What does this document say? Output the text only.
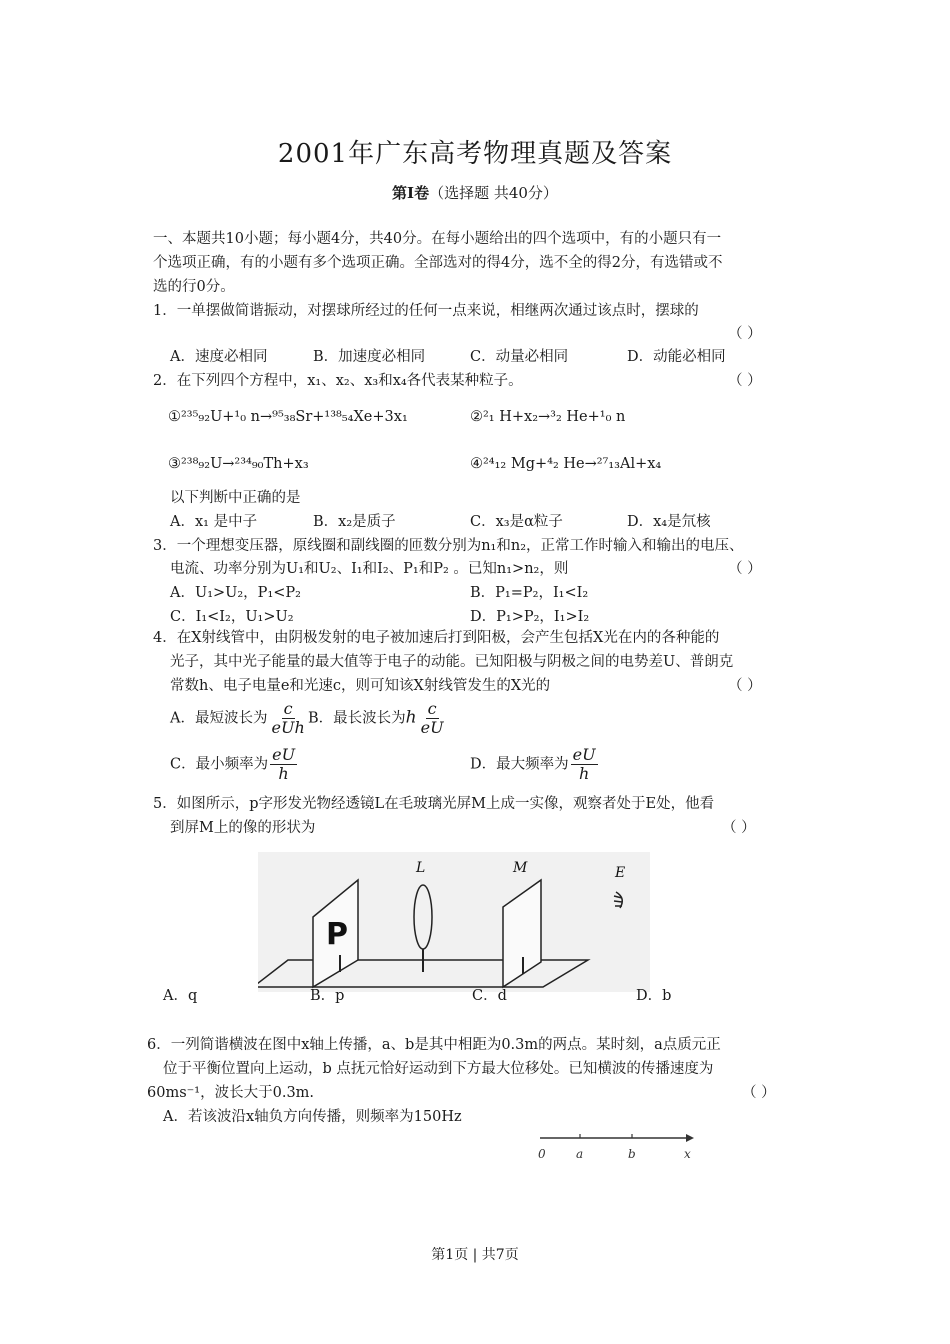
2001年广东高考物理真题及答案
第Ⅰ卷（选择题 共40分）
一、本题共10小题；每小题4分，共40分。在每小题给出的四个选项中，有的小题只有一
个选项正确，有的小题有多个选项正确。全部选对的得4分，选不全的得2分，有选错或不
选的行0分。
1．一单摆做简谐振动，对摆球所经过的任何一点来说，相继两次通过该点时，摆球的
（ ）
A．速度必相同	B．加速度必相同	C．动量必相同	D．动能必相同
2．在下列四个方程中，x₁、x₂、x₃和x₄各代表某种粒子。	（ ）
①²³⁵₉₂U+¹₀ n→⁹⁵₃₈Sr+¹³⁸₅₄Xe+3x₁	②²₁ H+x₂→³₂ He+¹₀ n
③²³⁸₉₂U→²³⁴₉₀Th+x₃	④²⁴₁₂ Mg+⁴₂ He→²⁷₁₃Al+x₄
以下判断中正确的是
A．x₁ 是中子	B．x₂是质子	C．x₃是α粒子	D．x₄是氘核
3．一个理想变压器，原线圈和副线圈的匝数分别为n₁和n₂，正常工作时输入和输出的电压、
电流、功率分别为U₁和U₂、I₁和I₂、P₁和P₂ 。已知n₁>n₂，则	（ ）
A．U₁>U₂，P₁<P₂	B．P₁=P₂，I₁<I₂
C．I₁<I₂，U₁>U₂	D．P₁>P₂，I₁>I₂
4．在X射线管中，由阴极发射的电子被加速后打到阳极，会产生包括X光在内的各种能的
光子，其中光子能量的最大值等于电子的动能。已知阳极与阴极之间的电势差U、普朗克
常数h、电子电量e和光速c，则可知该X射线管发生的X光的	（ ）
A．最短波长为 $\frac{c}{\text{eUh}}$ B．最长波长为h $\frac{c}{eU}$
C．最小频率为 $\frac{eU}{h}$	D．最大频率为 $\frac{eU}{h}$
5．如图所示，p字形发光物经透镜L在毛玻璃光屏M上成一实像，观察者处于E处，他看
到屏M上的像的形状为	（ ）
P
L	M	E
A．q	B．p	C．d	D．b
6．一列简谐横波在图中x轴上传播，a、b是其中相距为0.3m的两点。某时刻，a点质元正
位于平衡位置向上运动，b 点抚元恰好运动到下方最大位移处。已知横波的传播速度为
60ms⁻¹，波长大于0.3m.	（ ）
A．若该波沿x轴负方向传播，则频率为150Hz
0	a	b	x
第1页 | 共7页
